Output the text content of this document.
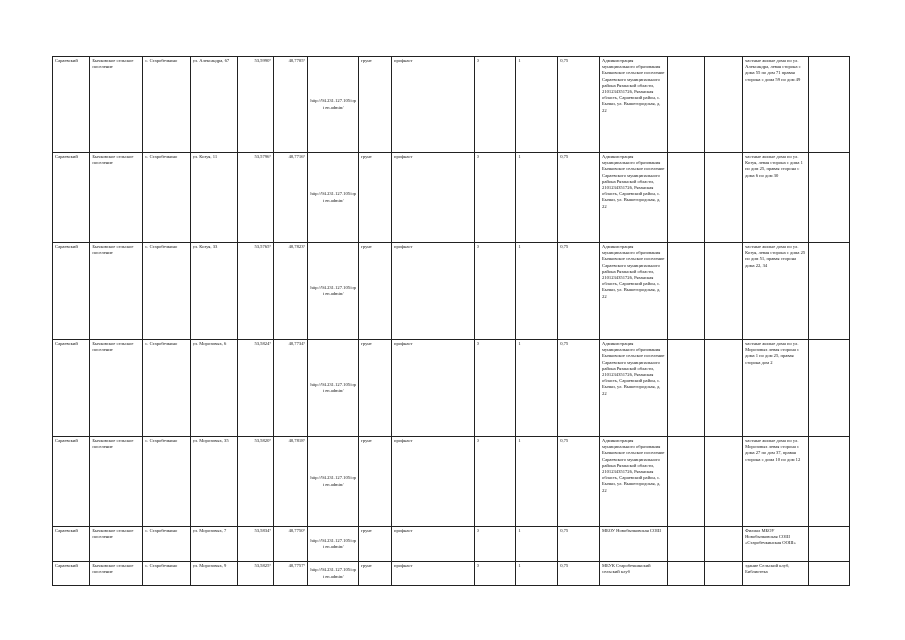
Сараевский	Бычковское сельское поселение	с. Стаpобечкино	ул. Александра, 67	53,5990°	40,7705°	http://94.231.127.105/opt en.admin/	грунт	профнаст	0	1	0,75	Администрация муниципального образования Бычковское сельское поселение Сараевского муниципального района Рязанской области, 2101234351726, Рязанская область, Сараевский район, с. Бычки, ул. Вышегородская, д. 22			частные жилые дома по ул. Александра, левая сторона с дома 55 по дом 71 правая сторона с дома 59 по дом 49	

Сараевский	Бычковское сельское поселение	с. Стаpобечкино	ул. Козуя, 11	53,5796°	40,7716°	http://94.231.127.105/opt en.admin/	грунт	профнаст	0	1	0,75	Администрация муниципального образования Бычковское сельское поселение Сараевского муниципального района Рязанской области, 2101234351726, Рязанская область, Сараевский район, с. Бычки, ул. Вышегородская, д. 22			частные жилые дома по ул. Козуя, левая сторона с дома 1 по дом 25, правая сторона с дома 6 по дом 30	

Сараевский	Бычковское сельское поселение	с. Стаpобечкино	ул. Козуя, 33	53,5765°	40,7823°	http://94.231.127.105/opt en.admin/	грунт	профнаст	0	1	0,75	Администрация муниципального образования Бычковское сельское поселение Сараевского муниципального района Рязанской области, 2101234351726, Рязанская область, Сараевский район, с. Бычки, ул. Вышегородская, д. 22			частные жилые дома по ул. Козуя, левая сторона с дома 25 по дом 51, правая сторона дома 22, 34	

Сараевский	Бычковское сельское поселение	с. Стаpобечкино	ул. Морозовых, 6	53,5824°	40,7734°	http://94.231.127.105/opt en.admin/	грунт	профнаст	0	1	0,75	Администрация муниципального образования Бычковское сельское поселение Сараевского муниципального района Рязанской области, 2101234351726, Рязанская область, Сараевский район, с. Бычки, ул. Вышегородская, д. 22			частные жилые дома по ул. Морозовых левая сторона с дома 1 по дом 25, правая сторона дом 2	

Сараевский	Бычковское сельское поселение	с. Стаpобечкино	ул. Морозовых, 35	53,5820°	40,7818°	http://94.231.127.105/opt en.admin/	грунт	профнаст	0	1	0,75	Администрация муниципального образования Бычковское сельское поселение Сараевского муниципального района Рязанской области, 2101234351726, Рязанская область, Сараевский район, с. Бычки, ул. Вышегородская, д. 22			частные жилые дома по ул. Морозовых левая сторона с дома 27 по дом 37, правая сторона с дома 10 по дом 12	

Сараевский	Бычковское сельское поселение	с. Стаpобечкино	ул. Морозовых, 7	53,5834°	40,7750°	http://94.231.127.105/opt en.admin/	грунт	профнаст	0	1	0,75	МБОУ Новобычковская СОШ			Филиал МБОУ Новобычковская СОШ «Старобечкинская ООШ»	

Сараевский	Бычковское сельское поселение	с. Стаpобечкино	ул. Морозовых, 9	53,5825°	40,7757°	http://94.231.127.105/opt en.admin/	грунт	профнаст	0	1	0,75	МБУК Старобечкинский сельский клуб			здание Сельский клуб, Библиотека	
